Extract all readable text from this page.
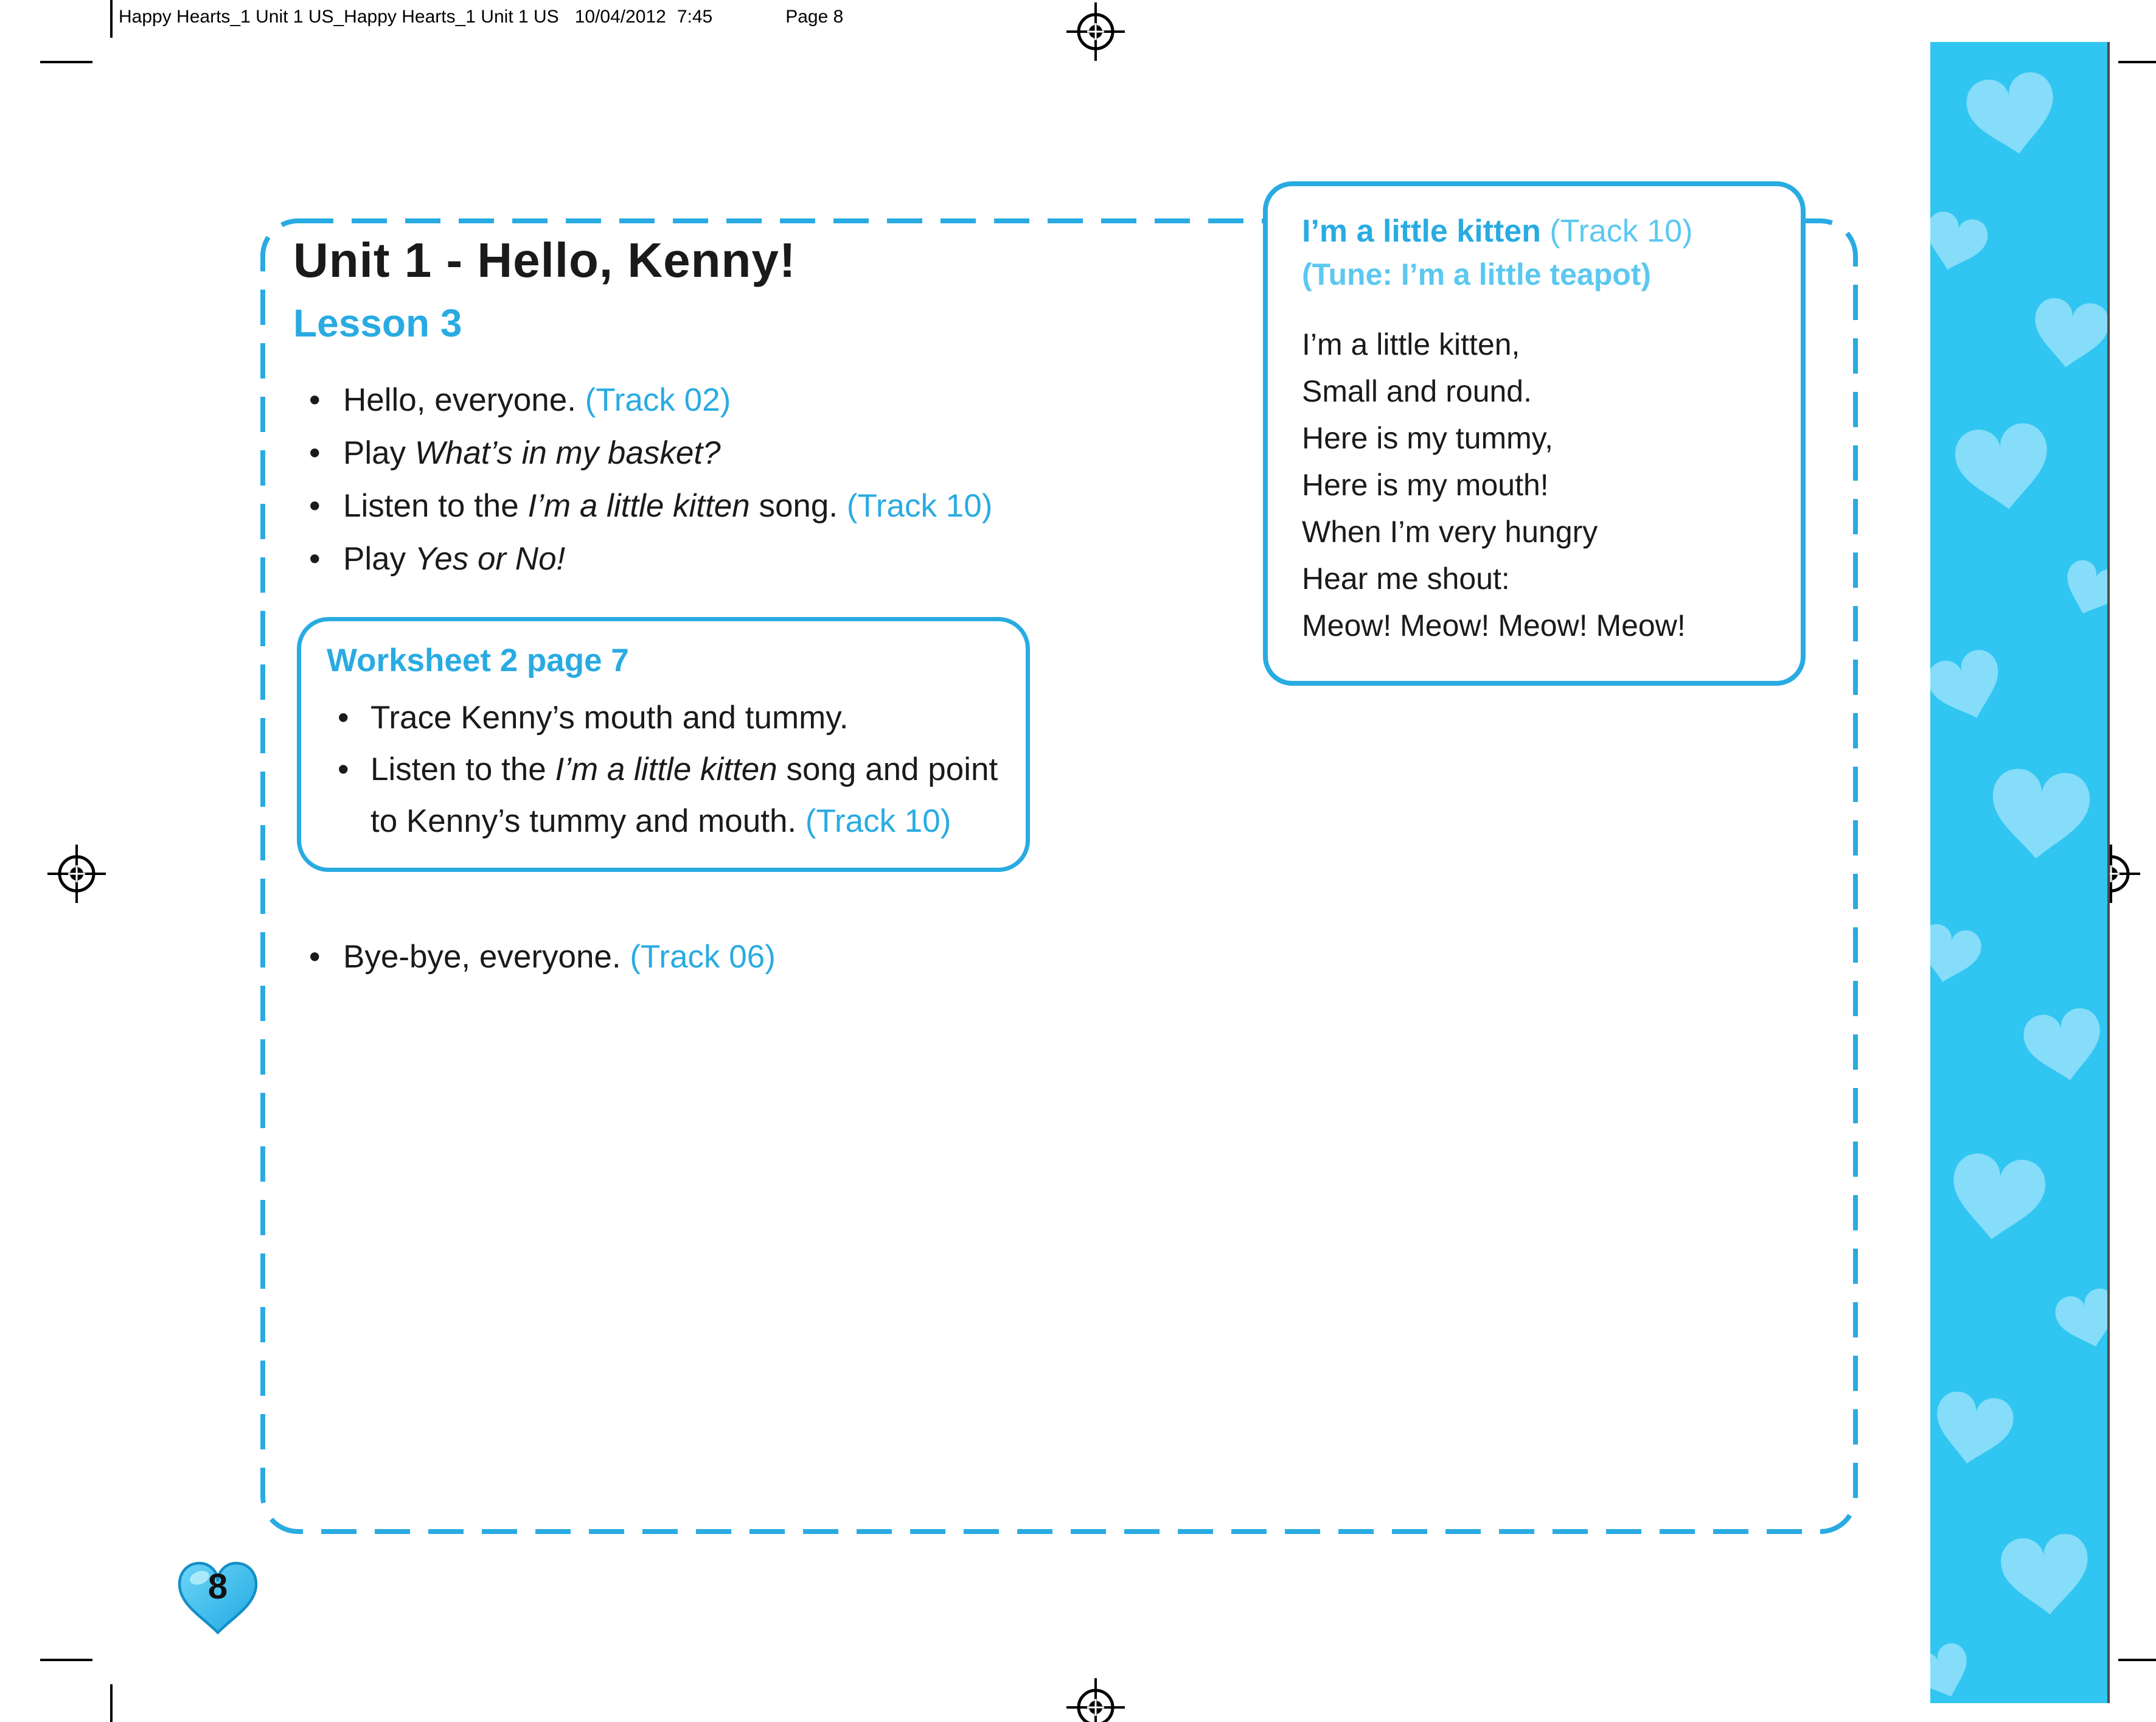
Happy Hearts_1 Unit 1 US_Happy Hearts_1 Unit 1 US 10/04/2012 7:45	Page 8
Unit 1 - Hello, Kenny!
Lesson 3
• Hello, everyone. (Track 02)
• Play What’s in my basket?
• Listen to the I’m a little kitten song. (Track 10)
• Play Yes or No!
Worksheet 2 page 7
• Trace Kenny’s mouth and tummy.
• Listen to the I’m a little kitten song and point to Kenny’s tummy and mouth. (Track 10)
• Bye-bye, everyone. (Track 06)
I’m a little kitten (Track 10)
(Tune: I’m a little teapot)
I’m a little kitten,
Small and round.
Here is my tummy,
Here is my mouth!
When I’m very hungry
Hear me shout:
Meow! Meow! Meow! Meow!
8
